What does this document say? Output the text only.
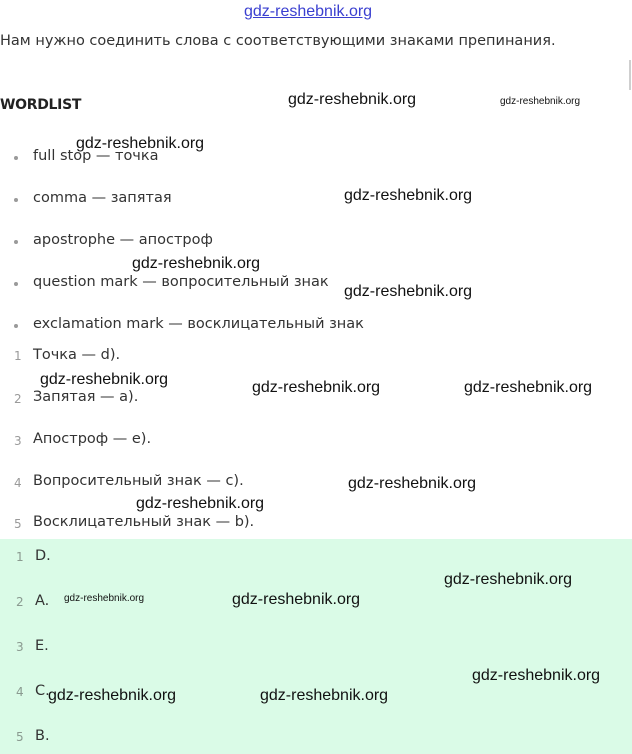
Нам нужно соединить слова с соответствующими знаками препинания.
WORDLIST
full stop — точка
comma — запятая
apostrophe — апостроф
question mark — вопросительный знак
exclamation mark — восклицательный знак
1 Точка — d).
2 Запятая — a).
3 Апостроф — e).
4 Вопросительный знак — c).
5 Восклицательный знак — b).
1 D.
2 A.
3 E.
4 C.
5 B.
gdz-reshebnik.org
gdz-reshebnik.org	gdz-reshebnik.org
gdz-reshebnik.org
gdz-reshebnik.org
gdz-reshebnik.org
gdz-reshebnik.org
gdz-reshebnik.org	gdz-reshebnik.org	gdz-reshebnik.org
gdz-reshebnik.org
gdz-reshebnik.org
gdz-reshebnik.org
gdz-reshebnik.org	gdz-reshebnik.org
gdz-reshebnik.org
gdz-reshebnik.org	gdz-reshebnik.org
